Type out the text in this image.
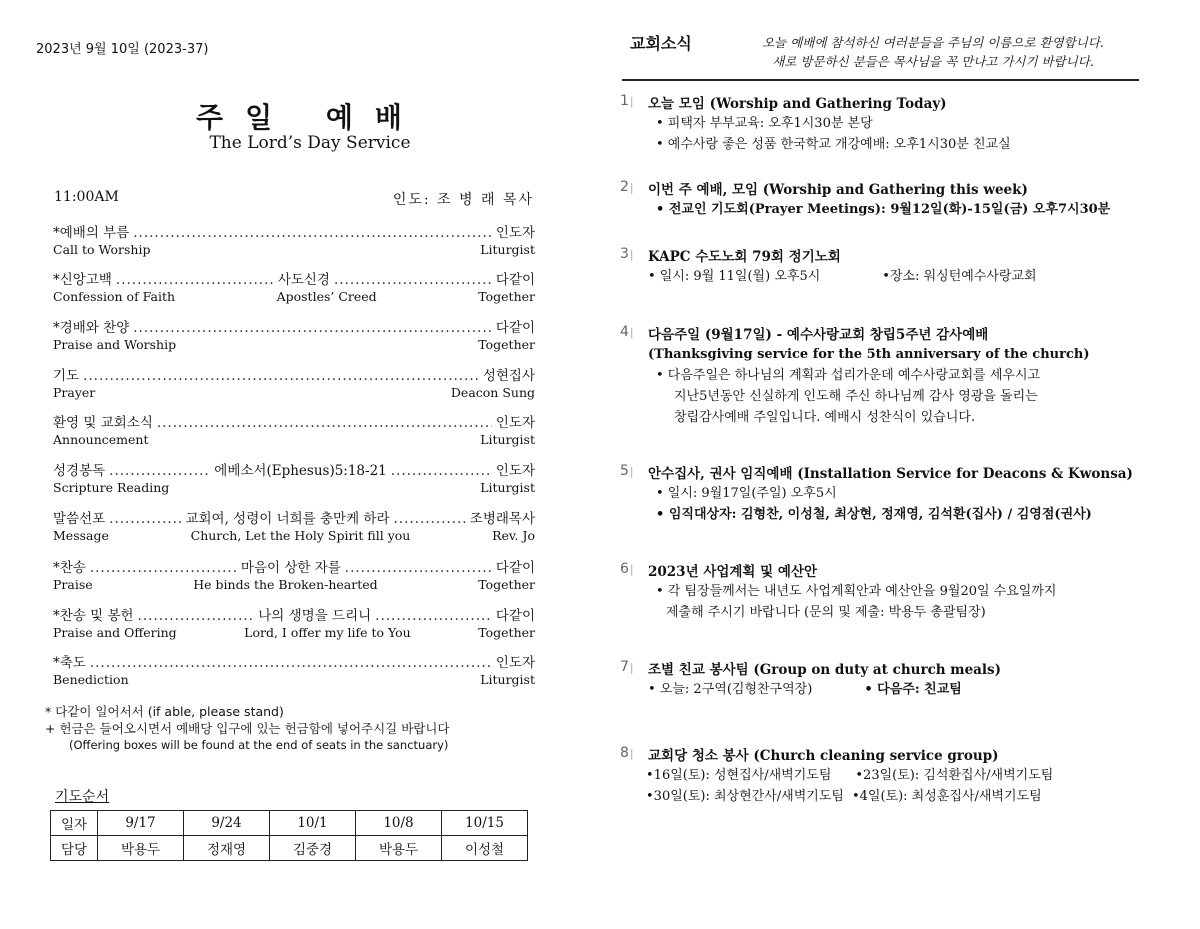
2023년 9월 10일 (2023-37)
주일 예배
The Lord’s Day Service
11:00AM	인도: 조 병 래 목사
*예배의 부름 .....	인도자
Call to Worship	Liturgist
*신앙고백 .....	사도신경 .....	다같이
Confession of Faith	Apostles’ Creed	Together
*경배와 찬양 .....	다같이
Praise and Worship	Together
기도 .....	성현집사
Prayer	Deacon Sung
환영 및 교회소식 .....	인도자
Announcement	Liturgist
성경봉독 .....	에베소서(Ephesus)5:18-21 .....	인도자
Scripture Reading	Liturgist
말씀선포 .....	교회여, 성령이 너희를 충만케 하라 .....	조병래목사
Message	Church, Let the Holy Spirit fill you	Rev. Jo
*찬송 .....	마음이 상한 자를 .....	다같이
Praise	He binds the Broken-hearted	Together
*찬송 및 봉헌 .....	나의 생명을 드리니 .....	다같이
Praise and Offering	Lord, I offer my life to You	Together
*축도 .....	인도자
Benediction	Liturgist
* 다같이 일어서서 (if able, please stand)
+ 헌금은 들어오시면서 예배당 입구에 있는 헌금함에 넣어주시길 바랍니다
(Offering boxes will be found at the end of seats in the sanctuary)
기도순서
일자	9/17	9/24	10/1	10/8	10/15
담당	박용두	정재영	김중경	박용두	이성철
교회소식	오늘 예배에 참석하신 여러분들을 주님의 이름으로 환영합니다.
새로 방문하신 분들은 목사님을 꼭 만나고 가시기 바랍니다.
1| 오늘 모임 (Worship and Gathering Today)
• 피택자 부부교육: 오후1시30분 본당
• 예수사랑 좋은 성품 한국학교 개강예배: 오후1시30분 친교실
2| 이번 주 예배, 모임 (Worship and Gathering this week)
• 전교인 기도회(Prayer Meetings): 9월12일(화)-15일(금) 오후7시30분
3| KAPC 수도노회 79회 정기노회
• 일시: 9월 11일(월) 오후5시	•장소: 워싱턴예수사랑교회
4| 다음주일 (9월17일) - 예수사랑교회 창립5주년 감사예배
(Thanksgiving service for the 5th anniversary of the church)
• 다음주일은 하나님의 계획과 섭리가운데 예수사랑교회를 세우시고
지난5년동안 신실하게 인도해 주신 하나님께 감사 영광을 돌리는
창립감사예배 주일입니다. 예배시 성찬식이 있습니다.
5| 안수집사, 권사 임직예배 (Installation Service for Deacons & Kwonsa)
• 일시: 9월17일(주일) 오후5시
• 임직대상자: 김형찬, 이성철, 최상현, 정재영, 김석환(집사) / 김영점(권사)
6| 2023년 사업계획 및 예산안
• 각 팀장들께서는 내년도 사업계획안과 예산안을 9월20일 수요일까지
제출해 주시기 바랍니다 (문의 및 제출: 박용두 총괄팀장)
7| 조별 친교 봉사팀 (Group on duty at church meals)
• 오늘: 2구역(김형찬구역장)	• 다음주: 친교팀
8| 교회당 청소 봉사 (Church cleaning service group)
•16일(토): 성현집사/새벽기도팀 •23일(토): 김석환집사/새벽기도팀
•30일(토): 최상현간사/새벽기도팀 •4일(토): 최성훈집사/새벽기도팀
